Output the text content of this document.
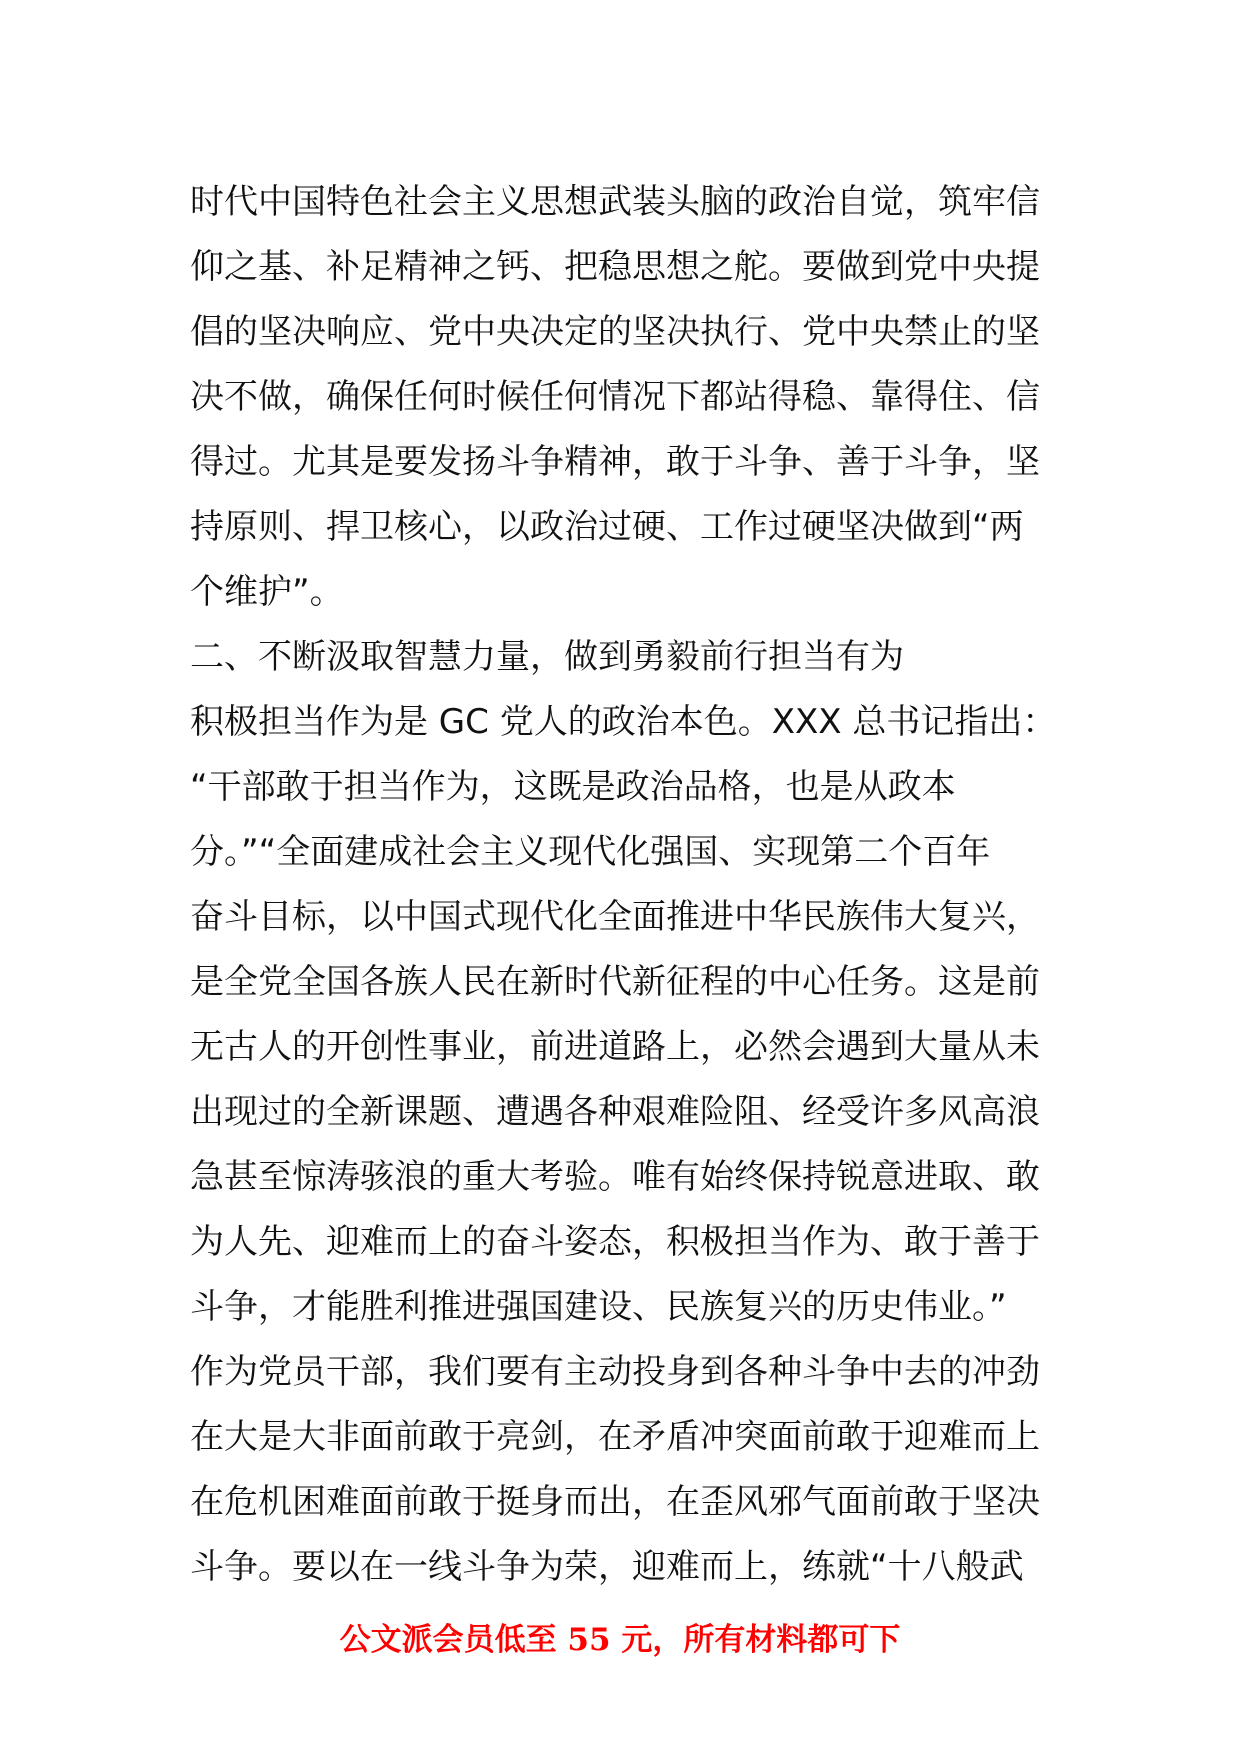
时代中国特色社会主义思想武装头脑的政治自觉，筑牢信
仰之基、补足精神之钙、把稳思想之舵。要做到党中央提
倡的坚决响应、党中央决定的坚决执行、党中央禁止的坚
决不做，确保任何时候任何情况下都站得稳、靠得住、信
得过。尤其是要发扬斗争精神，敢于斗争、善于斗争，坚
持原则、捍卫核心，以政治过硬、工作过硬坚决做到“两
个维护”。
二、不断汲取智慧力量，做到勇毅前行担当有为
积极担当作为是 GC 党人的政治本色。XXX 总书记指出：
“干部敢于担当作为，这既是政治品格，也是从政本
分。”“全面建成社会主义现代化强国、实现第二个百年
奋斗目标，以中国式现代化全面推进中华民族伟大复兴，
是全党全国各族人民在新时代新征程的中心任务。这是前
无古人的开创性事业，前进道路上，必然会遇到大量从未
出现过的全新课题、遭遇各种艰难险阻、经受许多风高浪
急甚至惊涛骇浪的重大考验。唯有始终保持锐意进取、敢
为人先、迎难而上的奋斗姿态，积极担当作为、敢于善于
斗争，才能胜利推进强国建设、民族复兴的历史伟业。”
作为党员干部，我们要有主动投身到各种斗争中去的冲劲
在大是大非面前敢于亮剑，在矛盾冲突面前敢于迎难而上
在危机困难面前敢于挺身而出，在歪风邪气面前敢于坚决
斗争。要以在一线斗争为荣，迎难而上，练就“十八般武
公文派会员低至 55 元，所有材料都可下
